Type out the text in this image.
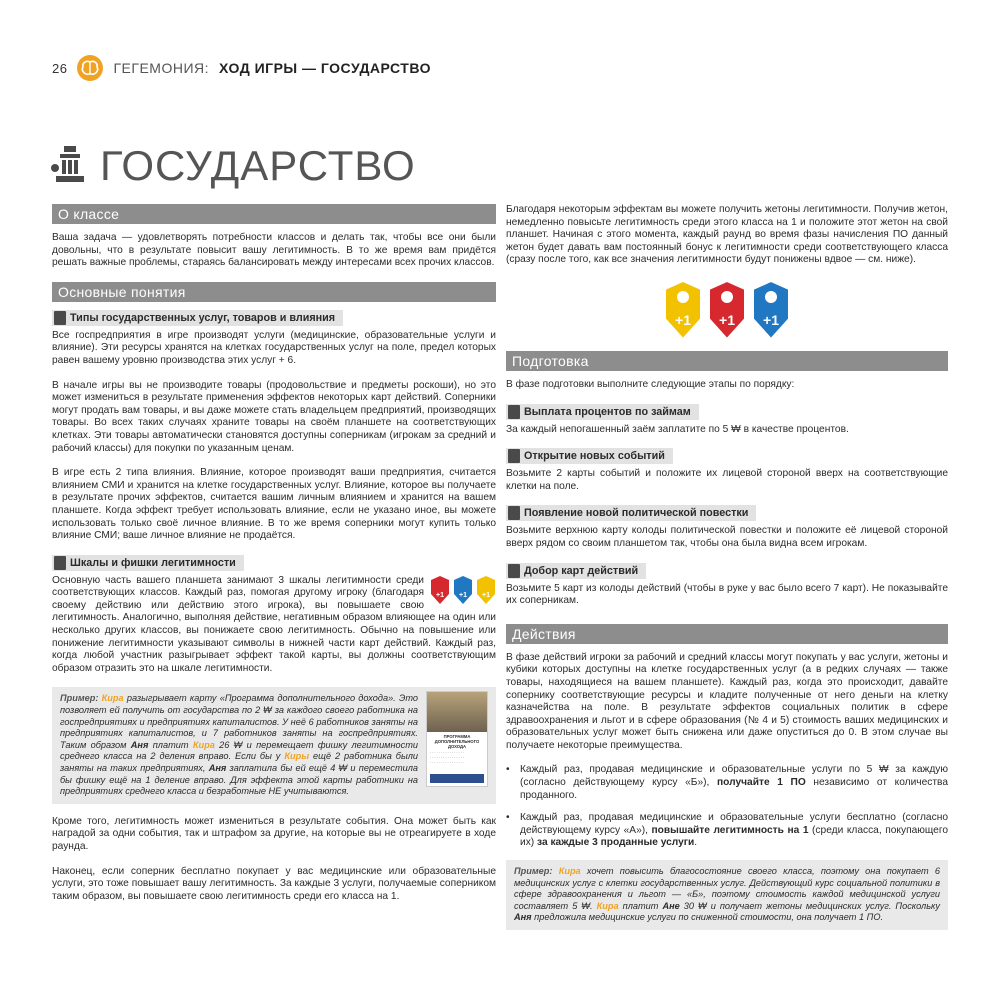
26	ГЕГЕМОНИЯ: ХОД ИГРЫ — ГОСУДАРСТВО
ГОСУДАРСТВО
О классе

Ваша задача — удовлетворять потребности классов и делать так, чтобы все они были довольны, что в результате повысит вашу легитимность. В то же время вам придётся решать важные проблемы, стараясь балансировать между интересами всех прочих классов.

Основные понятия
Типы государственных услуг, товаров и влияния

Все госпредприятия в игре производят услуги (медицинские, образовательные услуги и влияние). Эти ресурсы хранятся на клетках государственных услуг на поле, предел которых равен вашему уровню производства этих услуг + 6.

В начале игры вы не производите товары (продовольствие и предметы роскоши), но это может измениться в результате применения эффектов некоторых карт действий. Соперники могут продать вам товары, и вы даже можете стать владельцем предприятий, производящих товары. Во всех таких случаях храните товары на своём планшете на соответствующих клетках. Эти товары автоматически становятся доступны соперникам (игрокам за средний и рабочий классы) для покупки по указанным ценам.

В игре есть 2 типа влияния. Влияние, которое производят ваши предприятия, считается влиянием СМИ и хранится на клетке государственных услуг. Влияние, которое вы получаете в результате прочих эффектов, считается вашим личным влиянием и хранится на вашем планшете. Когда эффект требует использовать влияние, если не указано иное, вы можете использовать только своё личное влияние. В то же время соперники могут купить только влияние СМИ; ваше личное влияние не продаётся.

Шкалы и фишки легитимности

+1 +1 +1
Основную часть вашего планшета занимают 3 шкалы легитимности среди соответствующих классов. Каждый раз, помогая другому игроку (благодаря своему действию или действию этого игрока), вы повышаете свою легитимность. Аналогично, выполняя действие, негативным образом влияющее на один или несколько других классов, вы понижаете свою легитимность. Обычно на повышение или понижение легитимности указывают символы в нижней части карт действий. Каждый раз, когда любой участник разыгрывает эффект такой карты, вы должны соответствующим образом отразить это на шкале легитимности.

ПРОГРАММА ДОПОЛНИТЕЛЬНОГО ДОХОДА
· · · · · · · · · · · · · · · ·
· · · · · · · · · · · · · · · ·
· · · · · · · · · · · · · · · ·
Пример: Кира разыгрывает карту «Программа дополнительного дохода». Это позволяет ей получить от государства по 2 ₩ за каждого своего работника на госпредприятиях и предприятиях капиталистов. У неё 6 работников заняты на предприятиях капиталистов, и 7 работников заняты на госпредприятиях. Таким образом Аня платит Кира 26 ₩ и перемещает фишку легитимности среднего класса на 2 деления вправо. Если бы у Киры ещё 2 работника были заняты на таких предприятиях, Аня заплатила бы ей ещё 4 ₩ и переместила бы фишку ещё на 1 деление вправо. Для эффекта этой карты работники на предприятиях среднего класса и безработные НЕ учитываются.

Кроме того, легитимность может измениться в результате события. Она может быть как наградой за одни события, так и штрафом за другие, на которые вы не отреагируете в ходе раунда.

Наконец, если соперник бесплатно покупает у вас медицинские или образовательные услуги, это тоже повышает вашу легитимность. За каждые 3 услуги, получаемые соперником таким образом, вы повышаете свою легитимность среди его класса на 1.

Благодаря некоторым эффектам вы можете получить жетоны легитимности. Получив жетон, немедленно повысьте легитимность среди этого класса на 1 и положите этот жетон на свой планшет. Начиная с этого момента, каждый раунд во время фазы начисления ПО данный жетон будет давать вам постоянный бонус к легитимности среди соответствующего класса (сразу после того, как все значения легитимности будут понижены вдвое — см. ниже).

+1 +1 +1
Подготовка

В фазе подготовки выполните следующие этапы по порядку:

Выплата процентов по займам

За каждый непогашенный заём заплатите по 5 ₩ в качестве процентов.

Открытие новых событий

Возьмите 2 карты событий и положите их лицевой стороной вверх на соответствующие клетки на поле.

Появление новой политической повестки

Возьмите верхнюю карту колоды политической повестки и положите её лицевой стороной вверх рядом со своим планшетом так, чтобы она была видна всем игрокам.

Добор карт действий

Возьмите 5 карт из колоды действий (чтобы в руке у вас было всего 7 карт). Не показывайте их соперникам.

Действия

В фазе действий игроки за рабочий и средний классы могут покупать у вас услуги, жетоны и кубики которых доступны на клетке государственных услуг (а в редких случаях — также товары, находящиеся на вашем планшете). Каждый раз, когда это происходит, давайте сопернику соответствующие ресурсы и кладите полученные от него деньги на клетку казначейства на поле. В результате эффектов социальных политик в сфере здравоохранения и льгот и в сфере образования (№ 4 и 5) стоимость ваших медицинских и образовательных услуг может быть снижена или даже опуститься до 0. В этом случае вы получаете некоторые преимущества.

• Каждый раз, продавая медицинские и образовательные услуги по 5 ₩ за каждую (согласно действующему курсу «Б»), получайте 1 ПО независимо от количества проданного.
• Каждый раз, продавая медицинские и образовательные услуги бесплатно (согласно действующему курсу «А»), повышайте легитимность на 1 (среди класса, покупающего их) за каждые 3 проданные услуги.
Пример: Кира хочет повысить благосостояние своего класса, поэтому она покупает 6 медицинских услуг с клетки государственных услуг. Действующий курс социальной политики в сфере здравоохранения и льгот — «Б», поэтому стоимость каждой медицинской услуги составляет 5 ₩. Кира платит Ане 30 ₩ и получает жетоны медицинских услуг. Поскольку Аня предложила медицинские услуги по сниженной стоимости, она получает 1 ПО.
